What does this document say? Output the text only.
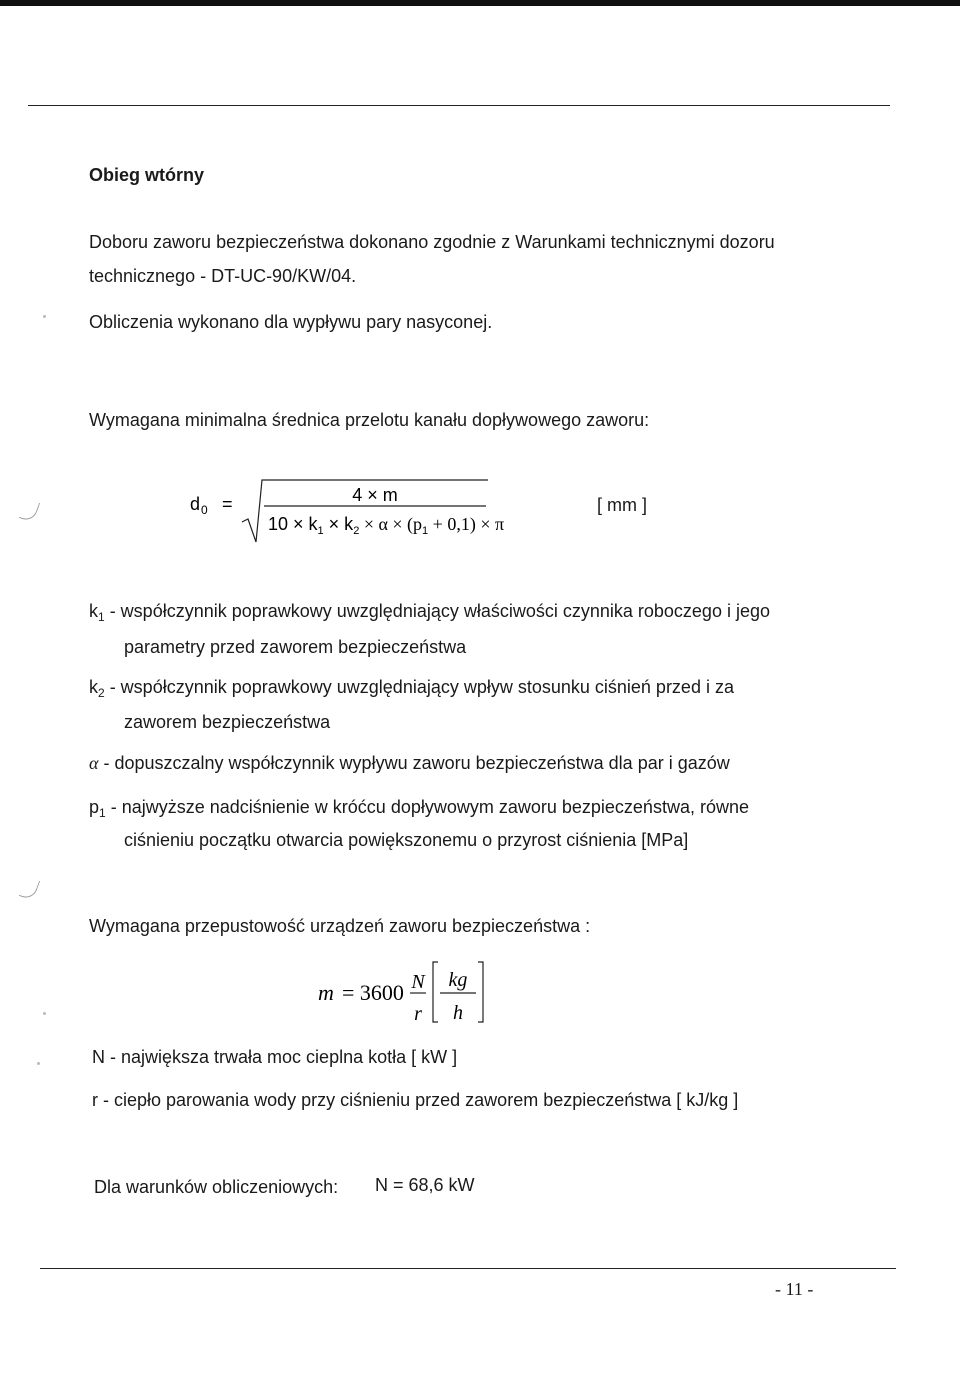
Obieg wtórny
Doboru zaworu bezpieczeństwa dokonano zgodnie z Warunkami technicznymi dozoru
technicznego - DT-UC-90/KW/04.
Obliczenia wykonano dla wypływu pary nasyconej.
Wymagana minimalna średnica przelotu kanału dopływowego zaworu:
d 0 =	4 × m
$10 \times k_1 \times k_2 \times \alpha \times (p_1 + 0,1) \times \pi$
[ mm ]
$k_1$ - współczynnik poprawkowy uwzględniający właściwości czynnika roboczego i jego
parametry przed zaworem bezpieczeństwa
$k_2$ - współczynnik poprawkowy uwzględniający wpływ stosunku ciśnień przed i za
zaworem bezpieczeństwa
α - dopuszczalny współczynnik wypływu zaworu bezpieczeństwa dla par i gazów
$p_1$ - najwyższe nadciśnienie w króćcu dopływowym zaworu bezpieczeństwa, równe
ciśnieniu początku otwarcia powiększonemu o przyrost ciśnienia [MPa]
Wymagana przepustowość urządzeń zaworu bezpieczeństwa :
m = 3600 N
r
kg
h
N - największa trwała moc cieplna kotła [ kW ]
r - ciepło parowania wody przy ciśnieniu przed zaworem bezpieczeństwa [ kJ/kg ]
Dla warunków obliczeniowych: N = 68,6 kW
- 11 -
